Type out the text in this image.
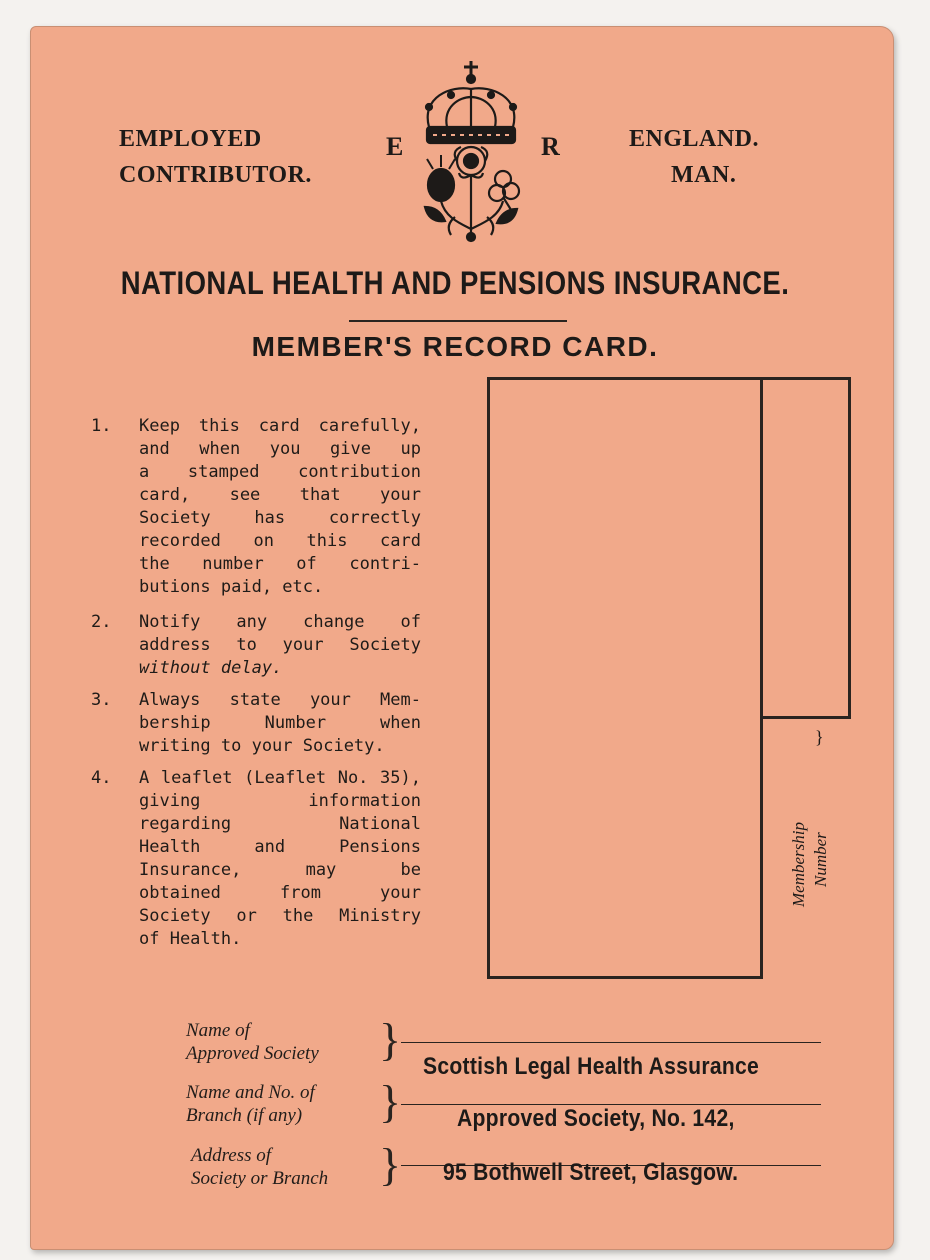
EMPLOYED
CONTRIBUTOR.
E	R	ENGLAND.
MAN.
NATIONAL HEALTH AND PENSIONS INSURANCE.
MEMBER'S RECORD CARD.
1. Keep this card carefully,
and when you give up
a stamped contribution
card, see that your
Society has correctly
recorded on this card
the number of contri-
butions paid, etc.
2. Notify any change of
address to your Society
without delay.
3. Always state your Mem-
bership Number when
writing to your Society.
4. A leaflet (Leaflet No. 35),
giving information
regarding National
Health and Pensions
Insurance, may be
obtained from your
Society or the Ministry
of Health.
}
Membership Number
Name of
Approved Society }
Scottish Legal Health Assurance
Name and No. of
Branch (if any) } Approved Society, No. 142,
Address of
Society or Branch } 95 Bothwell Street, Glasgow.
